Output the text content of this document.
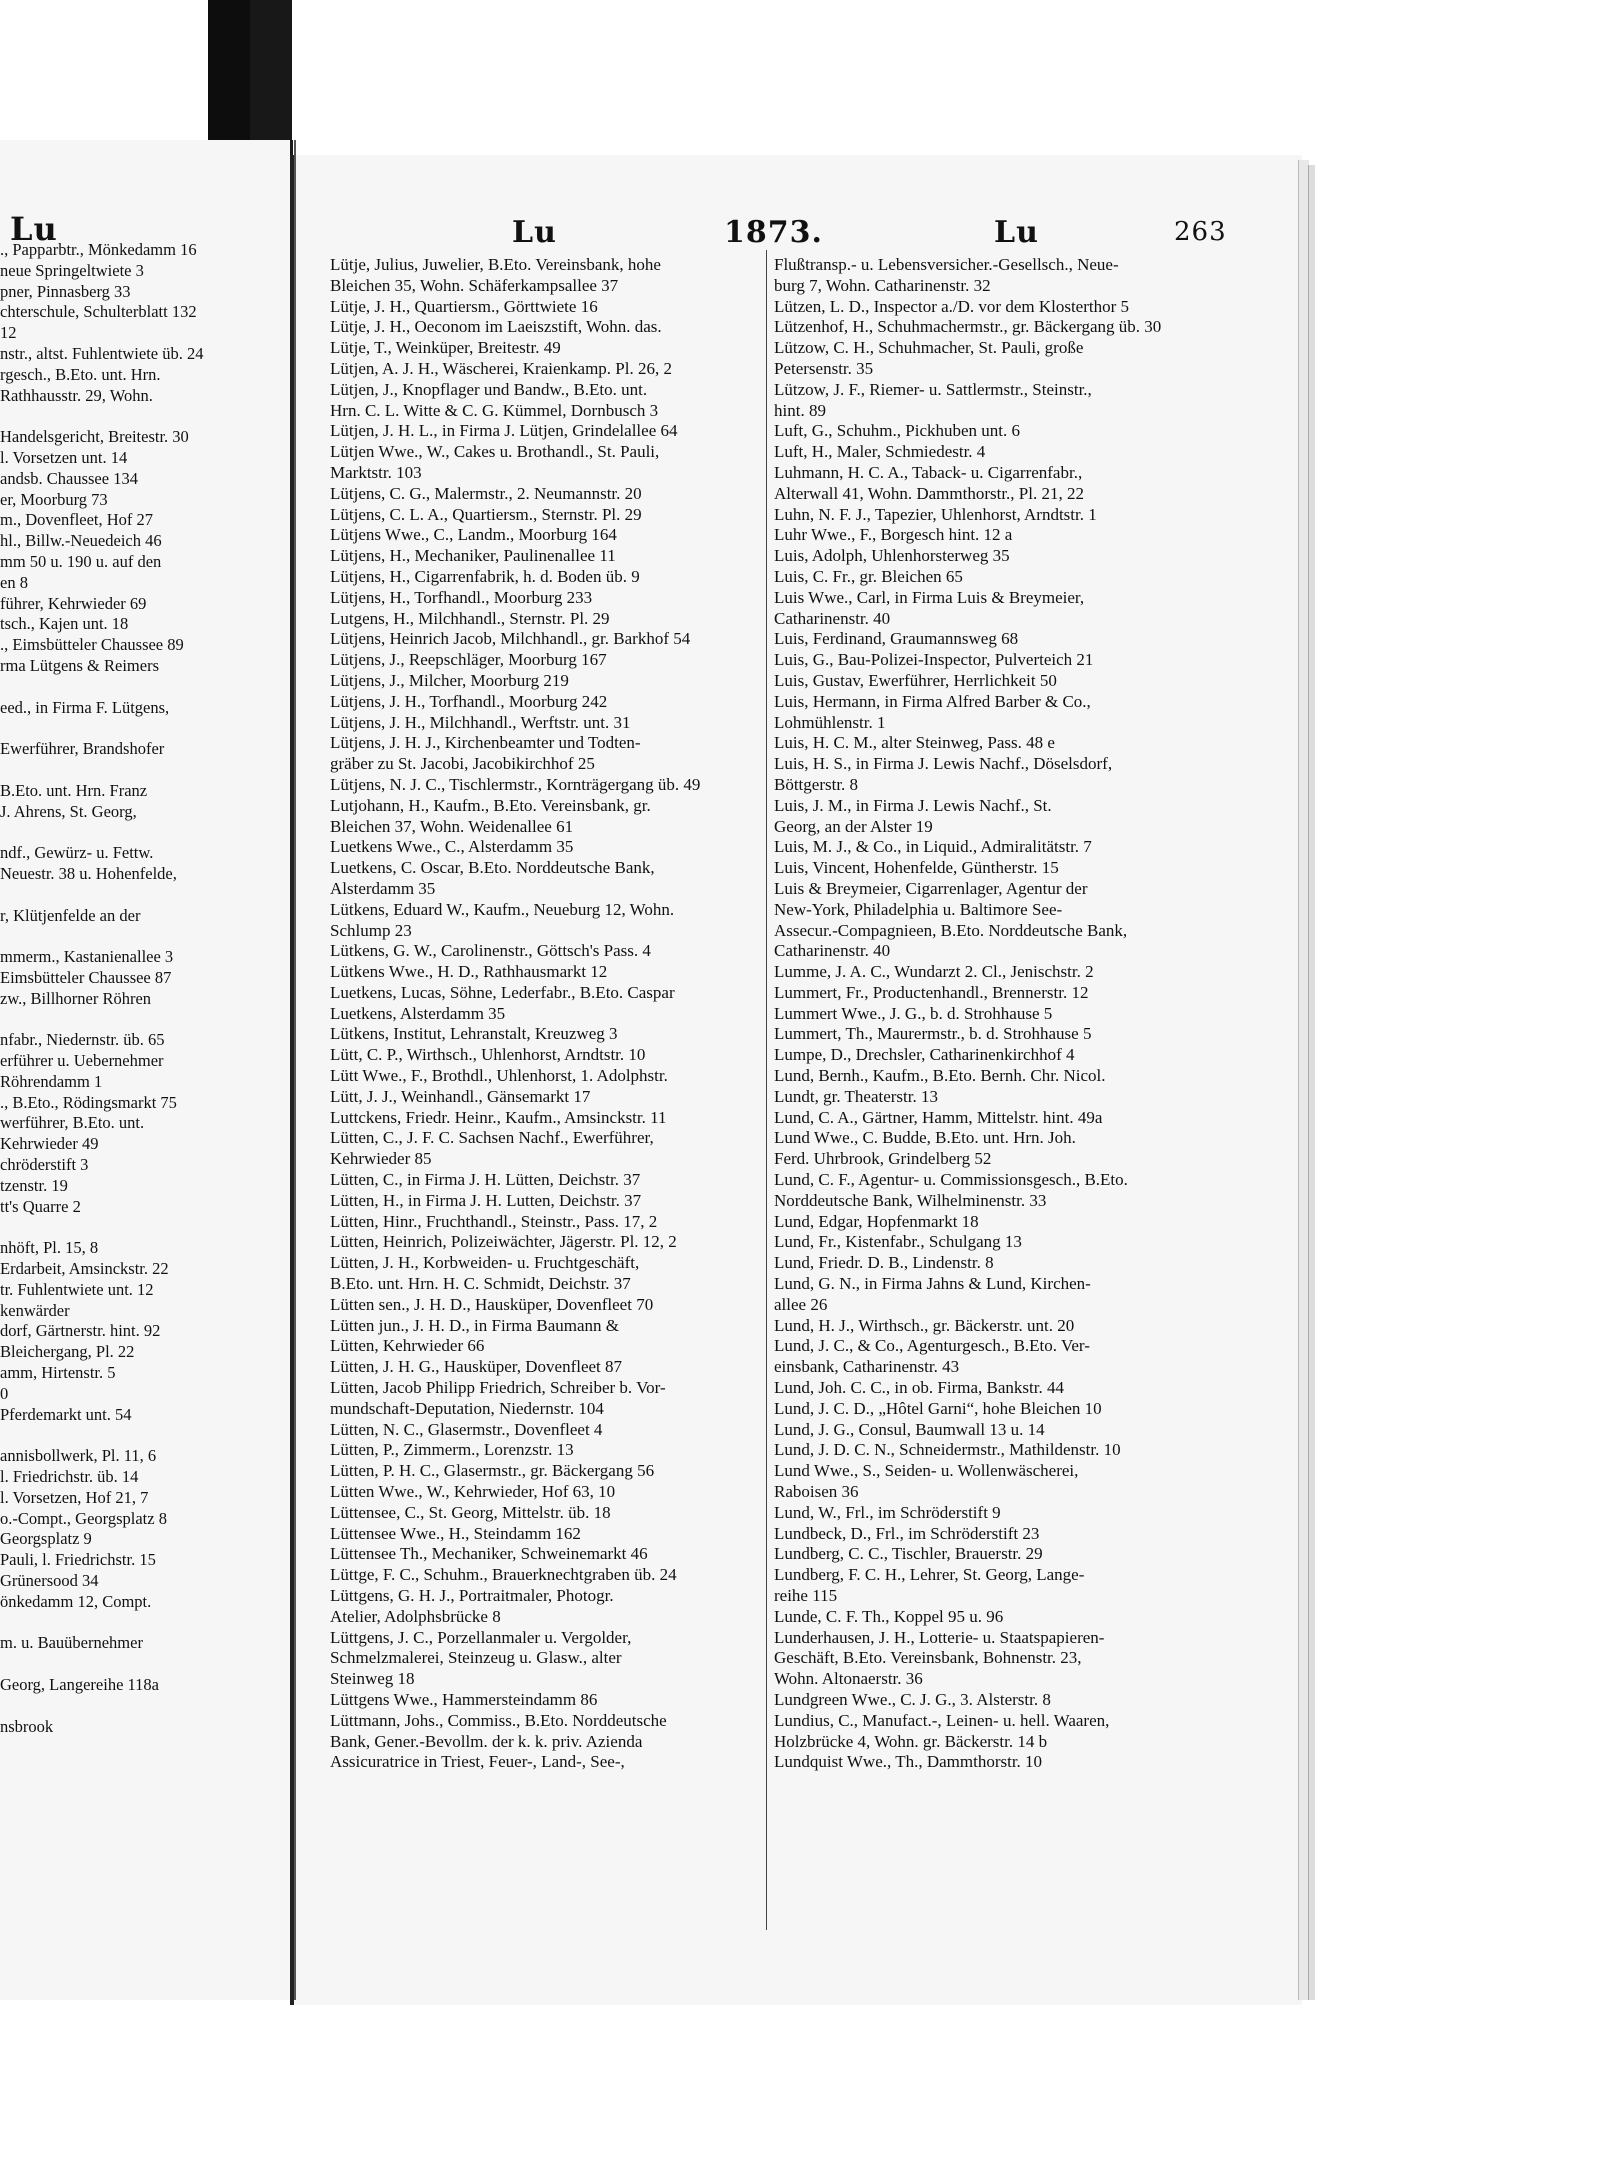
Lu
., Papparbtr., Mönkedamm 16
neue Springeltwiete 3
pner, Pinnasberg 33
chterschule, Schulterblatt 132
12
nstr., altst. Fuhlentwiete üb. 24
rgesch., B.Eto. unt. Hrn.
Rathhausstr. 29, Wohn.
Handelsgericht, Breitestr. 30
l. Vorsetzen unt. 14
andsb. Chaussee 134
er, Moorburg 73
m., Dovenfleet, Hof 27
hl., Billw.-Neuedeich 46
mm 50 u. 190 u. auf den
en 8
führer, Kehrwieder 69
tsch., Kajen unt. 18
., Eimsbütteler Chaussee 89
rma Lütgens & Reimers
eed., in Firma F. Lütgens,
Ewerführer, Brandshofer
B.Eto. unt. Hrn. Franz
J. Ahrens, St. Georg,
ndf., Gewürz- u. Fettw.
Neuestr. 38 u. Hohenfelde,
r, Klütjenfelde an der
mmerm., Kastanienallee 3
Eimsbütteler Chaussee 87
zw., Billhorner Röhren
nfabr., Niedernstr. üb. 65
erführer u. Uebernehmer
Röhrendamm 1
., B.Eto., Rödingsmarkt 75
werführer, B.Eto. unt.
Kehrwieder 49
chröderstift 3
tzenstr. 19
tt's Quarre 2
nhöft, Pl. 15, 8
Erdarbeit, Amsinckstr. 22
tr. Fuhlentwiete unt. 12
kenwärder
dorf, Gärtnerstr. hint. 92
Bleichergang, Pl. 22
amm, Hirtenstr. 5
0
Pferdemarkt unt. 54
annisbollwerk, Pl. 11, 6
l. Friedrichstr. üb. 14
l. Vorsetzen, Hof 21, 7
o.-Compt., Georgsplatz 8
Georgsplatz 9
Pauli, l. Friedrichstr. 15
Grünersood 34
önkedamm 12, Compt.
m. u. Bauübernehmer
Georg, Langereihe 118a
nsbrook
Lu	1873.	Lu	263
Lütje, Julius, Juwelier, B.Eto. Vereinsbank, hohe
Bleichen 35, Wohn. Schäferkampsallee 37
Lütje, J. H., Quartiersm., Görttwiete 16
Lütje, J. H., Oeconom im Laeiszstift, Wohn. das.
Lütje, T., Weinküper, Breitestr. 49
Lütjen, A. J. H., Wäscherei, Kraienkamp. Pl. 26, 2
Lütjen, J., Knopflager und Bandw., B.Eto. unt.
Hrn. C. L. Witte & C. G. Kümmel, Dornbusch 3
Lütjen, J. H. L., in Firma J. Lütjen, Grindelallee 64
Lütjen Wwe., W., Cakes u. Brothandl., St. Pauli,
Marktstr. 103
Lütjens, C. G., Malermstr., 2. Neumannstr. 20
Lütjens, C. L. A., Quartiersm., Sternstr. Pl. 29
Lütjens Wwe., C., Landm., Moorburg 164
Lütjens, H., Mechaniker, Paulinenallee 11
Lütjens, H., Cigarrenfabrik, h. d. Boden üb. 9
Lütjens, H., Torfhandl., Moorburg 233
Lutgens, H., Milchhandl., Sternstr. Pl. 29
Lütjens, Heinrich Jacob, Milchhandl., gr. Barkhof 54
Lütjens, J., Reepschläger, Moorburg 167
Lütjens, J., Milcher, Moorburg 219
Lütjens, J. H., Torfhandl., Moorburg 242
Lütjens, J. H., Milchhandl., Werftstr. unt. 31
Lütjens, J. H. J., Kirchenbeamter und Todten-
gräber zu St. Jacobi, Jacobikirchhof 25
Lütjens, N. J. C., Tischlermstr., Kornträgergang üb. 49
Lutjohann, H., Kaufm., B.Eto. Vereinsbank, gr.
Bleichen 37, Wohn. Weidenallee 61
Luetkens Wwe., C., Alsterdamm 35
Luetkens, C. Oscar, B.Eto. Norddeutsche Bank,
Alsterdamm 35
Lütkens, Eduard W., Kaufm., Neueburg 12, Wohn.
Schlump 23
Lütkens, G. W., Carolinenstr., Göttsch's Pass. 4
Lütkens Wwe., H. D., Rathhausmarkt 12
Luetkens, Lucas, Söhne, Lederfabr., B.Eto. Caspar
Luetkens, Alsterdamm 35
Lütkens, Institut, Lehranstalt, Kreuzweg 3
Lütt, C. P., Wirthsch., Uhlenhorst, Arndtstr. 10
Lütt Wwe., F., Brothdl., Uhlenhorst, 1. Adolphstr.
Lütt, J. J., Weinhandl., Gänsemarkt 17
Luttckens, Friedr. Heinr., Kaufm., Amsinckstr. 11
Lütten, C., J. F. C. Sachsen Nachf., Ewerführer,
Kehrwieder 85
Lütten, C., in Firma J. H. Lütten, Deichstr. 37
Lütten, H., in Firma J. H. Lutten, Deichstr. 37
Lütten, Hinr., Fruchthandl., Steinstr., Pass. 17, 2
Lütten, Heinrich, Polizeiwächter, Jägerstr. Pl. 12, 2
Lütten, J. H., Korbweiden- u. Fruchtgeschäft,
B.Eto. unt. Hrn. H. C. Schmidt, Deichstr. 37
Lütten sen., J. H. D., Hausküper, Dovenfleet 70
Lütten jun., J. H. D., in Firma Baumann &
Lütten, Kehrwieder 66
Lütten, J. H. G., Hausküper, Dovenfleet 87
Lütten, Jacob Philipp Friedrich, Schreiber b. Vor-
mundschaft-Deputation, Niedernstr. 104
Lütten, N. C., Glasermstr., Dovenfleet 4
Lütten, P., Zimmerm., Lorenzstr. 13
Lütten, P. H. C., Glasermstr., gr. Bäckergang 56
Lütten Wwe., W., Kehrwieder, Hof 63, 10
Lüttensee, C., St. Georg, Mittelstr. üb. 18
Lüttensee Wwe., H., Steindamm 162
Lüttensee Th., Mechaniker, Schweinemarkt 46
Lüttge, F. C., Schuhm., Brauerknechtgraben üb. 24
Lüttgens, G. H. J., Portraitmaler, Photogr.
Atelier, Adolphsbrücke 8
Lüttgens, J. C., Porzellanmaler u. Vergolder,
Schmelzmalerei, Steinzeug u. Glasw., alter
Steinweg 18
Lüttgens Wwe., Hammersteindamm 86
Lüttmann, Johs., Commiss., B.Eto. Norddeutsche
Bank, Gener.-Bevollm. der k. k. priv. Azienda
Assicuratrice in Triest, Feuer-, Land-, See-,
Flußtransp.- u. Lebensversicher.-Gesellsch., Neue-
burg 7, Wohn. Catharinenstr. 32
Lützen, L. D., Inspector a./D. vor dem Klosterthor 5
Lützenhof, H., Schuhmachermstr., gr. Bäckergang üb. 30
Lützow, C. H., Schuhmacher, St. Pauli, große
Petersenstr. 35
Lützow, J. F., Riemer- u. Sattlermstr., Steinstr.,
hint. 89
Luft, G., Schuhm., Pickhuben unt. 6
Luft, H., Maler, Schmiedestr. 4
Luhmann, H. C. A., Taback- u. Cigarrenfabr.,
Alterwall 41, Wohn. Dammthorstr., Pl. 21, 22
Luhn, N. F. J., Tapezier, Uhlenhorst, Arndtstr. 1
Luhr Wwe., F., Borgesch hint. 12 a
Luis, Adolph, Uhlenhorsterweg 35
Luis, C. Fr., gr. Bleichen 65
Luis Wwe., Carl, in Firma Luis & Breymeier,
Catharinenstr. 40
Luis, Ferdinand, Graumannsweg 68
Luis, G., Bau-Polizei-Inspector, Pulverteich 21
Luis, Gustav, Ewerführer, Herrlichkeit 50
Luis, Hermann, in Firma Alfred Barber & Co.,
Lohmühlenstr. 1
Luis, H. C. M., alter Steinweg, Pass. 48 e
Luis, H. S., in Firma J. Lewis Nachf., Döselsdorf,
Böttgerstr. 8
Luis, J. M., in Firma J. Lewis Nachf., St.
Georg, an der Alster 19
Luis, M. J., & Co., in Liquid., Admiralitätstr. 7
Luis, Vincent, Hohenfelde, Güntherstr. 15
Luis & Breymeier, Cigarrenlager, Agentur der
New-York, Philadelphia u. Baltimore See-
Assecur.-Compagnieen, B.Eto. Norddeutsche Bank,
Catharinenstr. 40
Lumme, J. A. C., Wundarzt 2. Cl., Jenischstr. 2
Lummert, Fr., Productenhandl., Brennerstr. 12
Lummert Wwe., J. G., b. d. Strohhause 5
Lummert, Th., Maurermstr., b. d. Strohhause 5
Lumpe, D., Drechsler, Catharinenkirchhof 4
Lund, Bernh., Kaufm., B.Eto. Bernh. Chr. Nicol.
Lundt, gr. Theaterstr. 13
Lund, C. A., Gärtner, Hamm, Mittelstr. hint. 49a
Lund Wwe., C. Budde, B.Eto. unt. Hrn. Joh.
Ferd. Uhrbrook, Grindelberg 52
Lund, C. F., Agentur- u. Commissionsgesch., B.Eto.
Norddeutsche Bank, Wilhelminenstr. 33
Lund, Edgar, Hopfenmarkt 18
Lund, Fr., Kistenfabr., Schulgang 13
Lund, Friedr. D. B., Lindenstr. 8
Lund, G. N., in Firma Jahns & Lund, Kirchen-
allee 26
Lund, H. J., Wirthsch., gr. Bäckerstr. unt. 20
Lund, J. C., & Co., Agenturgesch., B.Eto. Ver-
einsbank, Catharinenstr. 43
Lund, Joh. C. C., in ob. Firma, Bankstr. 44
Lund, J. C. D., „Hôtel Garni“, hohe Bleichen 10
Lund, J. G., Consul, Baumwall 13 u. 14
Lund, J. D. C. N., Schneidermstr., Mathildenstr. 10
Lund Wwe., S., Seiden- u. Wollenwäscherei,
Raboisen 36
Lund, W., Frl., im Schröderstift 9
Lundbeck, D., Frl., im Schröderstift 23
Lundberg, C. C., Tischler, Brauerstr. 29
Lundberg, F. C. H., Lehrer, St. Georg, Lange-
reihe 115
Lunde, C. F. Th., Koppel 95 u. 96
Lunderhausen, J. H., Lotterie- u. Staatspapieren-
Geschäft, B.Eto. Vereinsbank, Bohnenstr. 23,
Wohn. Altonaerstr. 36
Lundgreen Wwe., C. J. G., 3. Alsterstr. 8
Lundius, C., Manufact.-, Leinen- u. hell. Waaren,
Holzbrücke 4, Wohn. gr. Bäckerstr. 14 b
Lundquist Wwe., Th., Dammthorstr. 10
